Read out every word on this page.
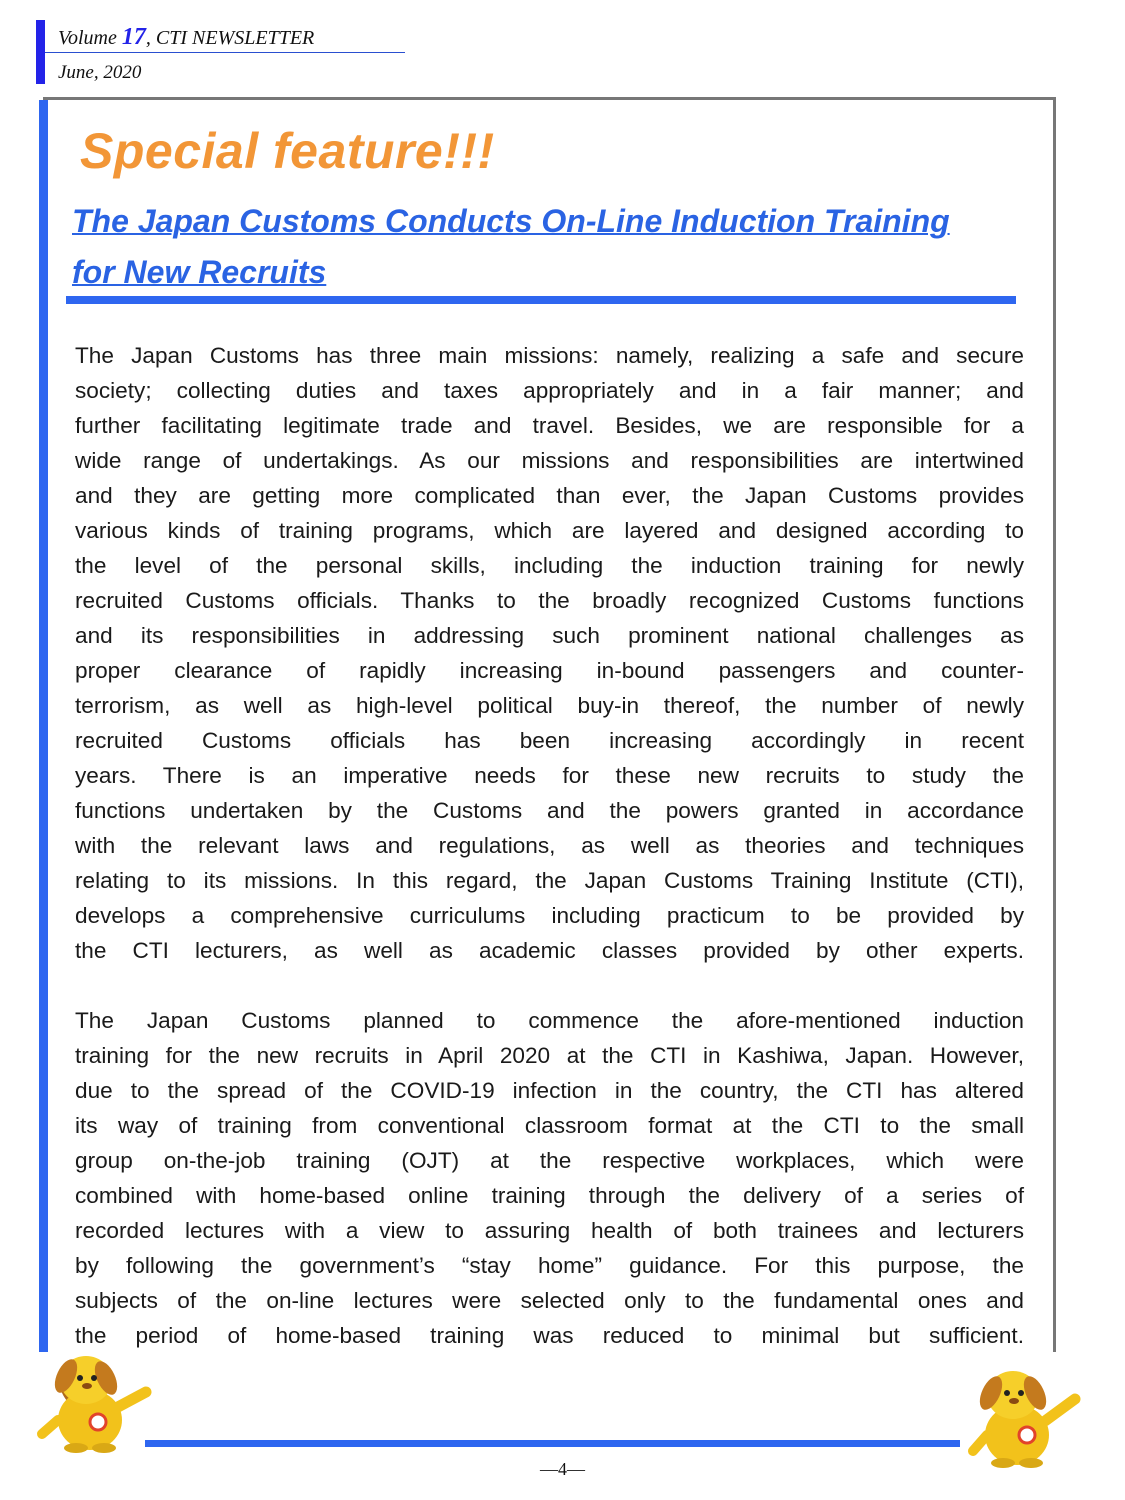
Volume 17, CTI NEWSLETTER
June, 2020
Special feature!!!
The Japan Customs Conducts On-Line Induction Training
for New Recruits
The Japan Customs has three main missions: namely, realizing a safe and secure
society; collecting duties and taxes appropriately and in a fair manner; and
further facilitating legitimate trade and travel. Besides, we are responsible for a
wide range of undertakings. As our missions and responsibilities are intertwined
and they are getting more complicated than ever, the Japan Customs provides
various kinds of training programs, which are layered and designed according to
the level of the personal skills, including the induction training for newly
recruited Customs officials. Thanks to the broadly recognized Customs functions
and its responsibilities in addressing such prominent national challenges as
proper clearance of rapidly increasing in-bound passengers and counter-
terrorism, as well as high-level political buy-in thereof, the number of newly
recruited Customs officials has been increasing accordingly in recent
years. There is an imperative needs for these new recruits to study the
functions undertaken by the Customs and the powers granted in accordance
with the relevant laws and regulations, as well as theories and techniques
relating to its missions. In this regard, the Japan Customs Training Institute (CTI),
develops a comprehensive curriculums including practicum to be provided by
the CTI lecturers, as well as academic classes provided by other experts.
The Japan Customs planned to commence the afore-mentioned induction
training for the new recruits in April 2020 at the CTI in Kashiwa, Japan. However,
due to the spread of the COVID-19 infection in the country, the CTI has altered
its way of training from conventional classroom format at the CTI to the small
group on-the-job training (OJT) at the respective workplaces, which were
combined with home-based online training through the delivery of a series of
recorded lectures with a view to assuring health of both trainees and lecturers
by following the government’s “stay home” guidance. For this purpose, the
subjects of the on-line lectures were selected only to the fundamental ones and
the period of home-based training was reduced to minimal but sufficient.
―4―
